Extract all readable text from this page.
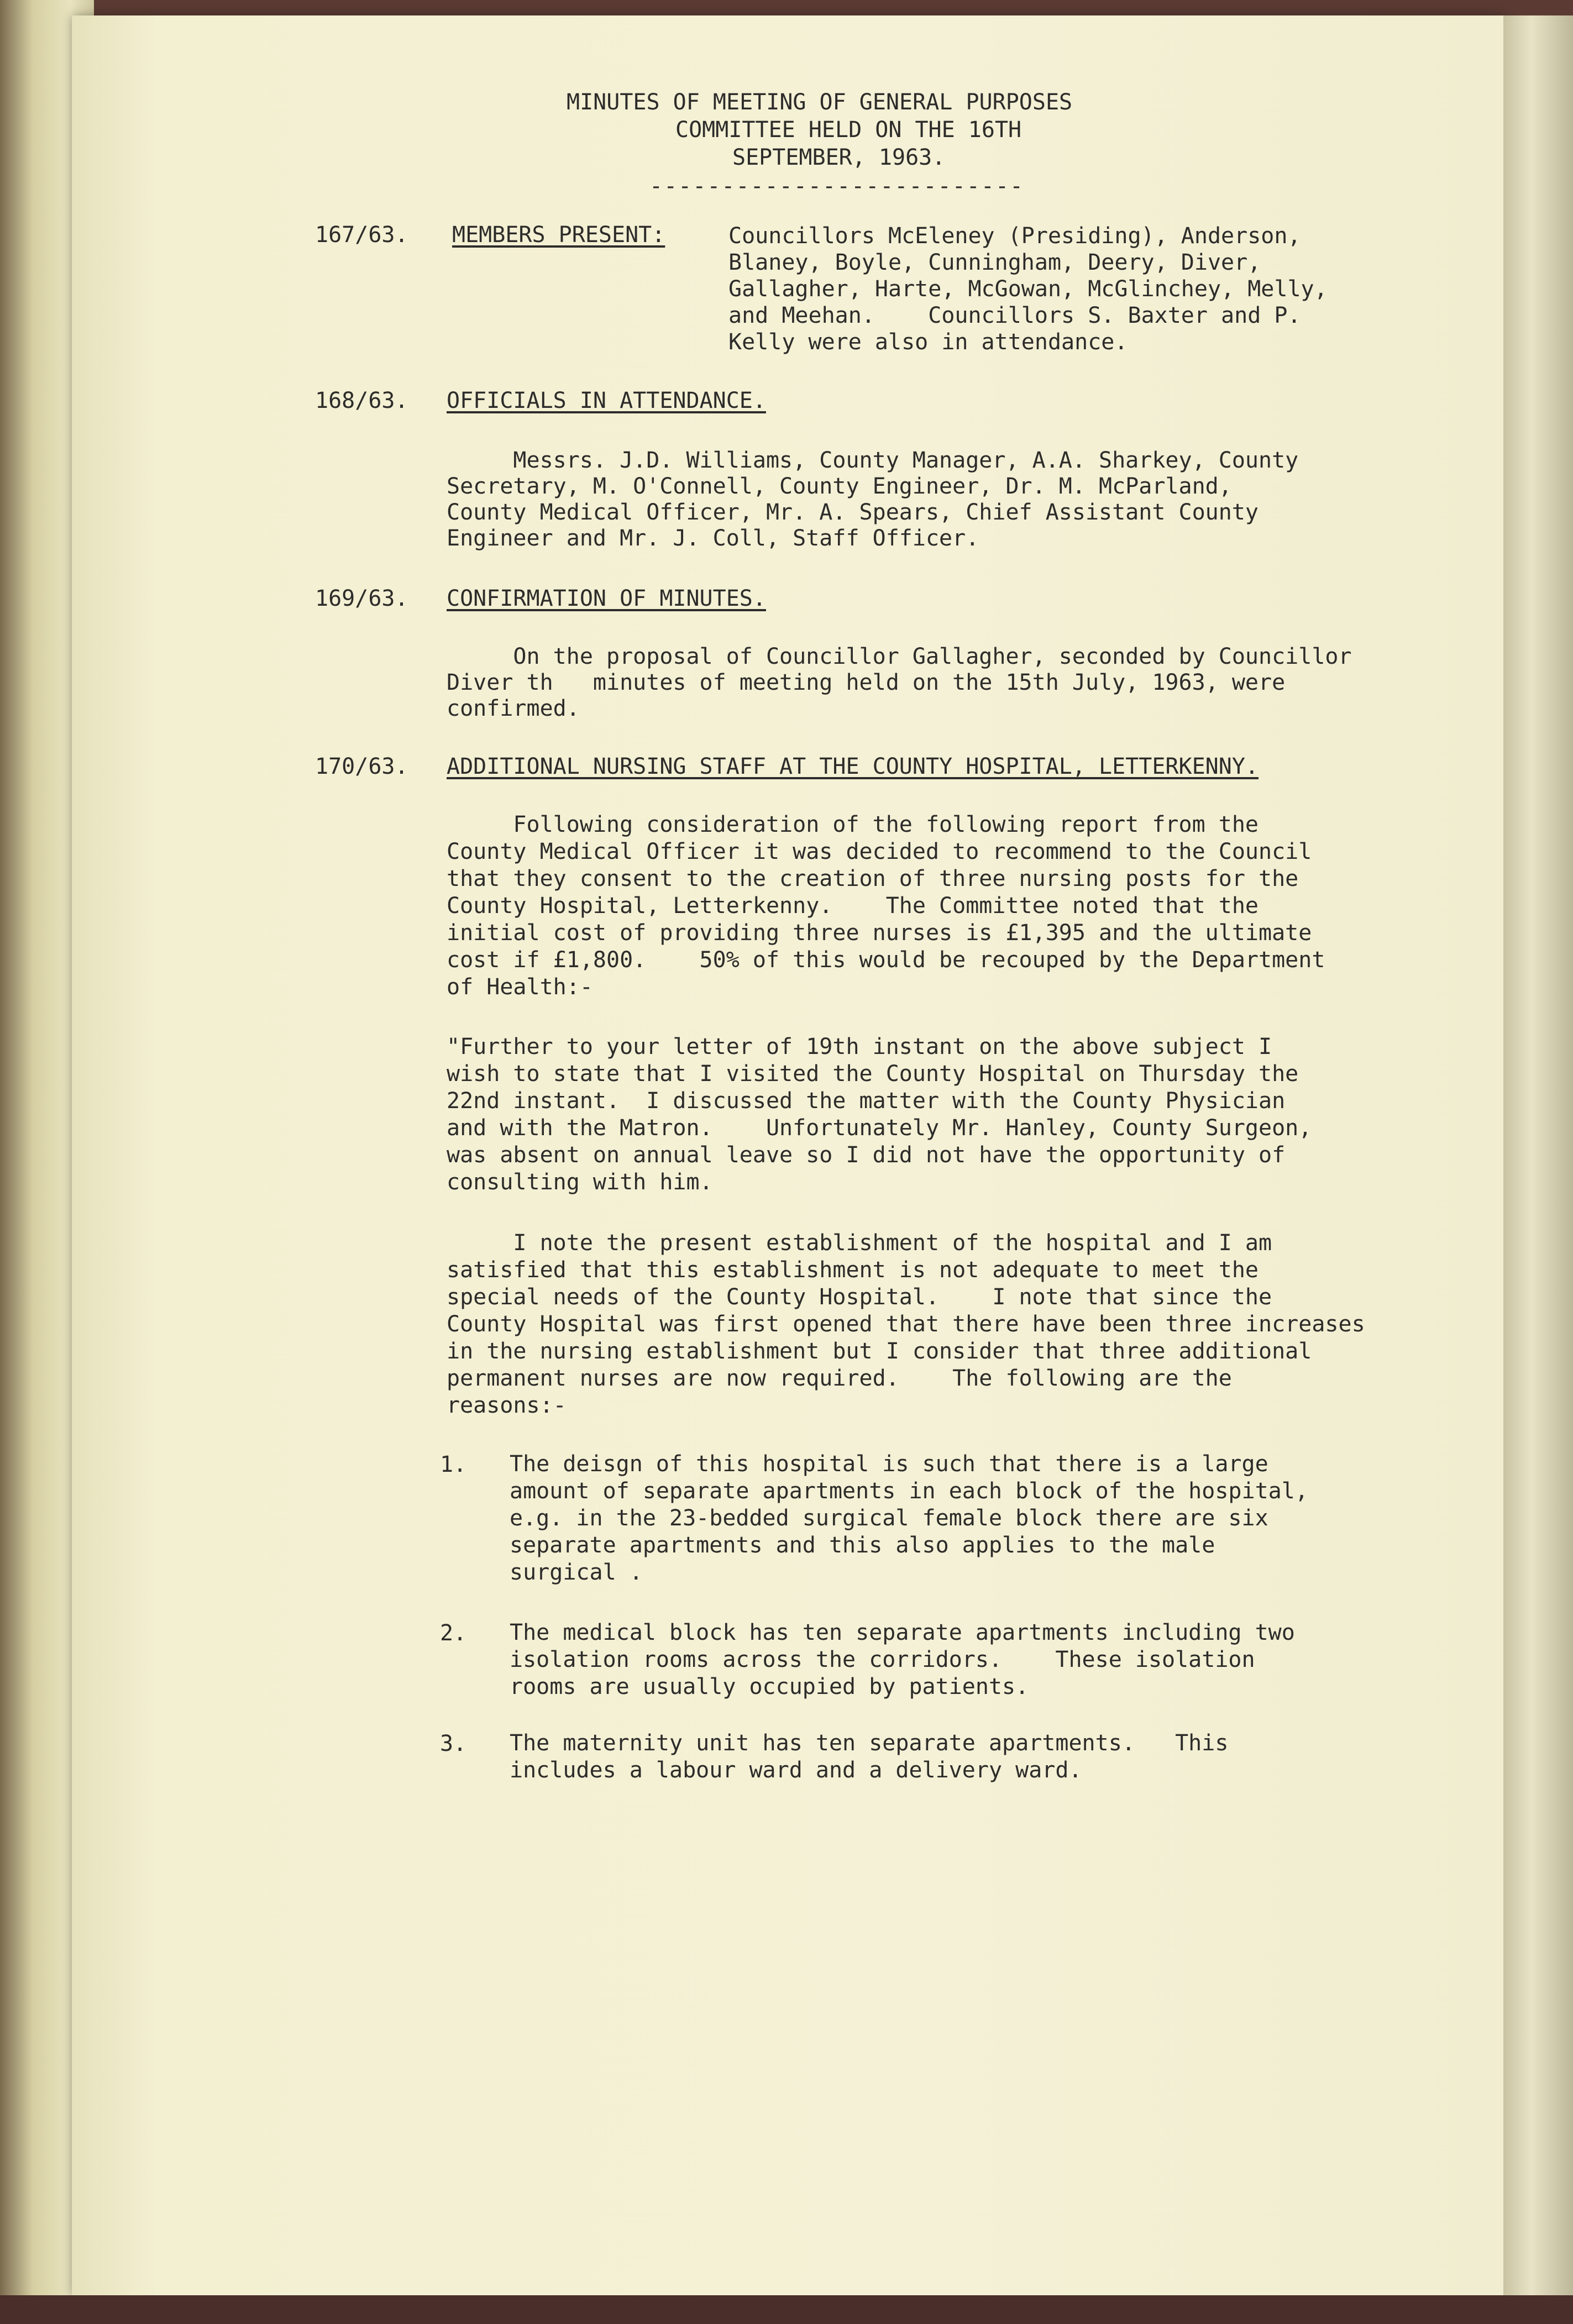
MINUTES OF MEETING OF GENERAL PURPOSES
COMMITTEE HELD ON THE 16TH
SEPTEMBER, 1963.
--------------------------
167/63. MEMBERS PRESENT:	Councillors McEleney (Presiding), Anderson,
Blaney, Boyle, Cunningham, Deery, Diver,
Gallagher, Harte, McGowan, McGlinchey, Melly,
and Meehan.    Councillors S. Baxter and P.
Kelly were also in attendance.
168/63. OFFICIALS IN ATTENDANCE.
Messrs. J.D. Williams, County Manager, A.A. Sharkey, County
Secretary, M. O'Connell, County Engineer, Dr. M. McParland,
County Medical Officer, Mr. A. Spears, Chief Assistant County
Engineer and Mr. J. Coll, Staff Officer.
169/63. CONFIRMATION OF MINUTES.
On the proposal of Councillor Gallagher, seconded by Councillor
Diver th   minutes of meeting held on the 15th July, 1963, were
confirmed.
170/63. ADDITIONAL NURSING STAFF AT THE COUNTY HOSPITAL, LETTERKENNY.
Following consideration of the following report from the
County Medical Officer it was decided to recommend to the Council
that they consent to the creation of three nursing posts for the
County Hospital, Letterkenny.    The Committee noted that the
initial cost of providing three nurses is £1,395 and the ultimate
cost if £1,800.    50% of this would be recouped by the Department
of Health:-
"Further to your letter of 19th instant on the above subject I
wish to state that I visited the County Hospital on Thursday the
22nd instant.  I discussed the matter with the County Physician
and with the Matron.    Unfortunately Mr. Hanley, County Surgeon,
was absent on annual leave so I did not have the opportunity of
consulting with him.
I note the present establishment of the hospital and I am
satisfied that this establishment is not adequate to meet the
special needs of the County Hospital.    I note that since the
County Hospital was first opened that there have been three increases
in the nursing establishment but I consider that three additional
permanent nurses are now required.    The following are the
reasons:-
1. The deisgn of this hospital is such that there is a large
amount of separate apartments in each block of the hospital,
e.g. in the 23-bedded surgical female block there are six
separate apartments and this also applies to the male
surgical .
2. The medical block has ten separate apartments including two
isolation rooms across the corridors.    These isolation
rooms are usually occupied by patients.
3. The maternity unit has ten separate apartments.   This
includes a labour ward and a delivery ward.
